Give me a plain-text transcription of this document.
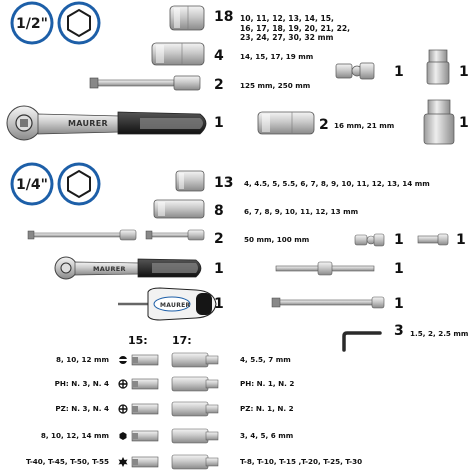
MAURER
MAURER
MAURER
1/2"
1/4"
18 10, 11, 12, 13, 14, 15,
16, 17, 18, 19, 20, 21, 22,
23, 24, 27, 30, 32 mm
4 14, 15, 17, 19 mm
2 125 mm, 250 mm
1	2 16 mm, 21 mm
1	1
1
13 4, 4.5, 5, 5.5, 6, 7, 8, 9, 10, 11, 12, 13, 14 mm
8	6, 7, 8, 9, 10, 11, 12, 13 mm
2	50 mm, 100 mm
1
1
1	1
1
1
3 1.5, 2, 2.5 mm
15: 17:
8, 10, 12 mm	4, 5.5, 7 mm
PH: N. 3, N. 4	PH: N. 1, N. 2
PZ: N. 3, N. 4	PZ: N. 1, N. 2
8, 10, 12, 14 mm	3, 4, 5, 6 mm
T-40, T-45, T-50, T-55	T-8, T-10, T-15 ,T-20, T-25, T-30
